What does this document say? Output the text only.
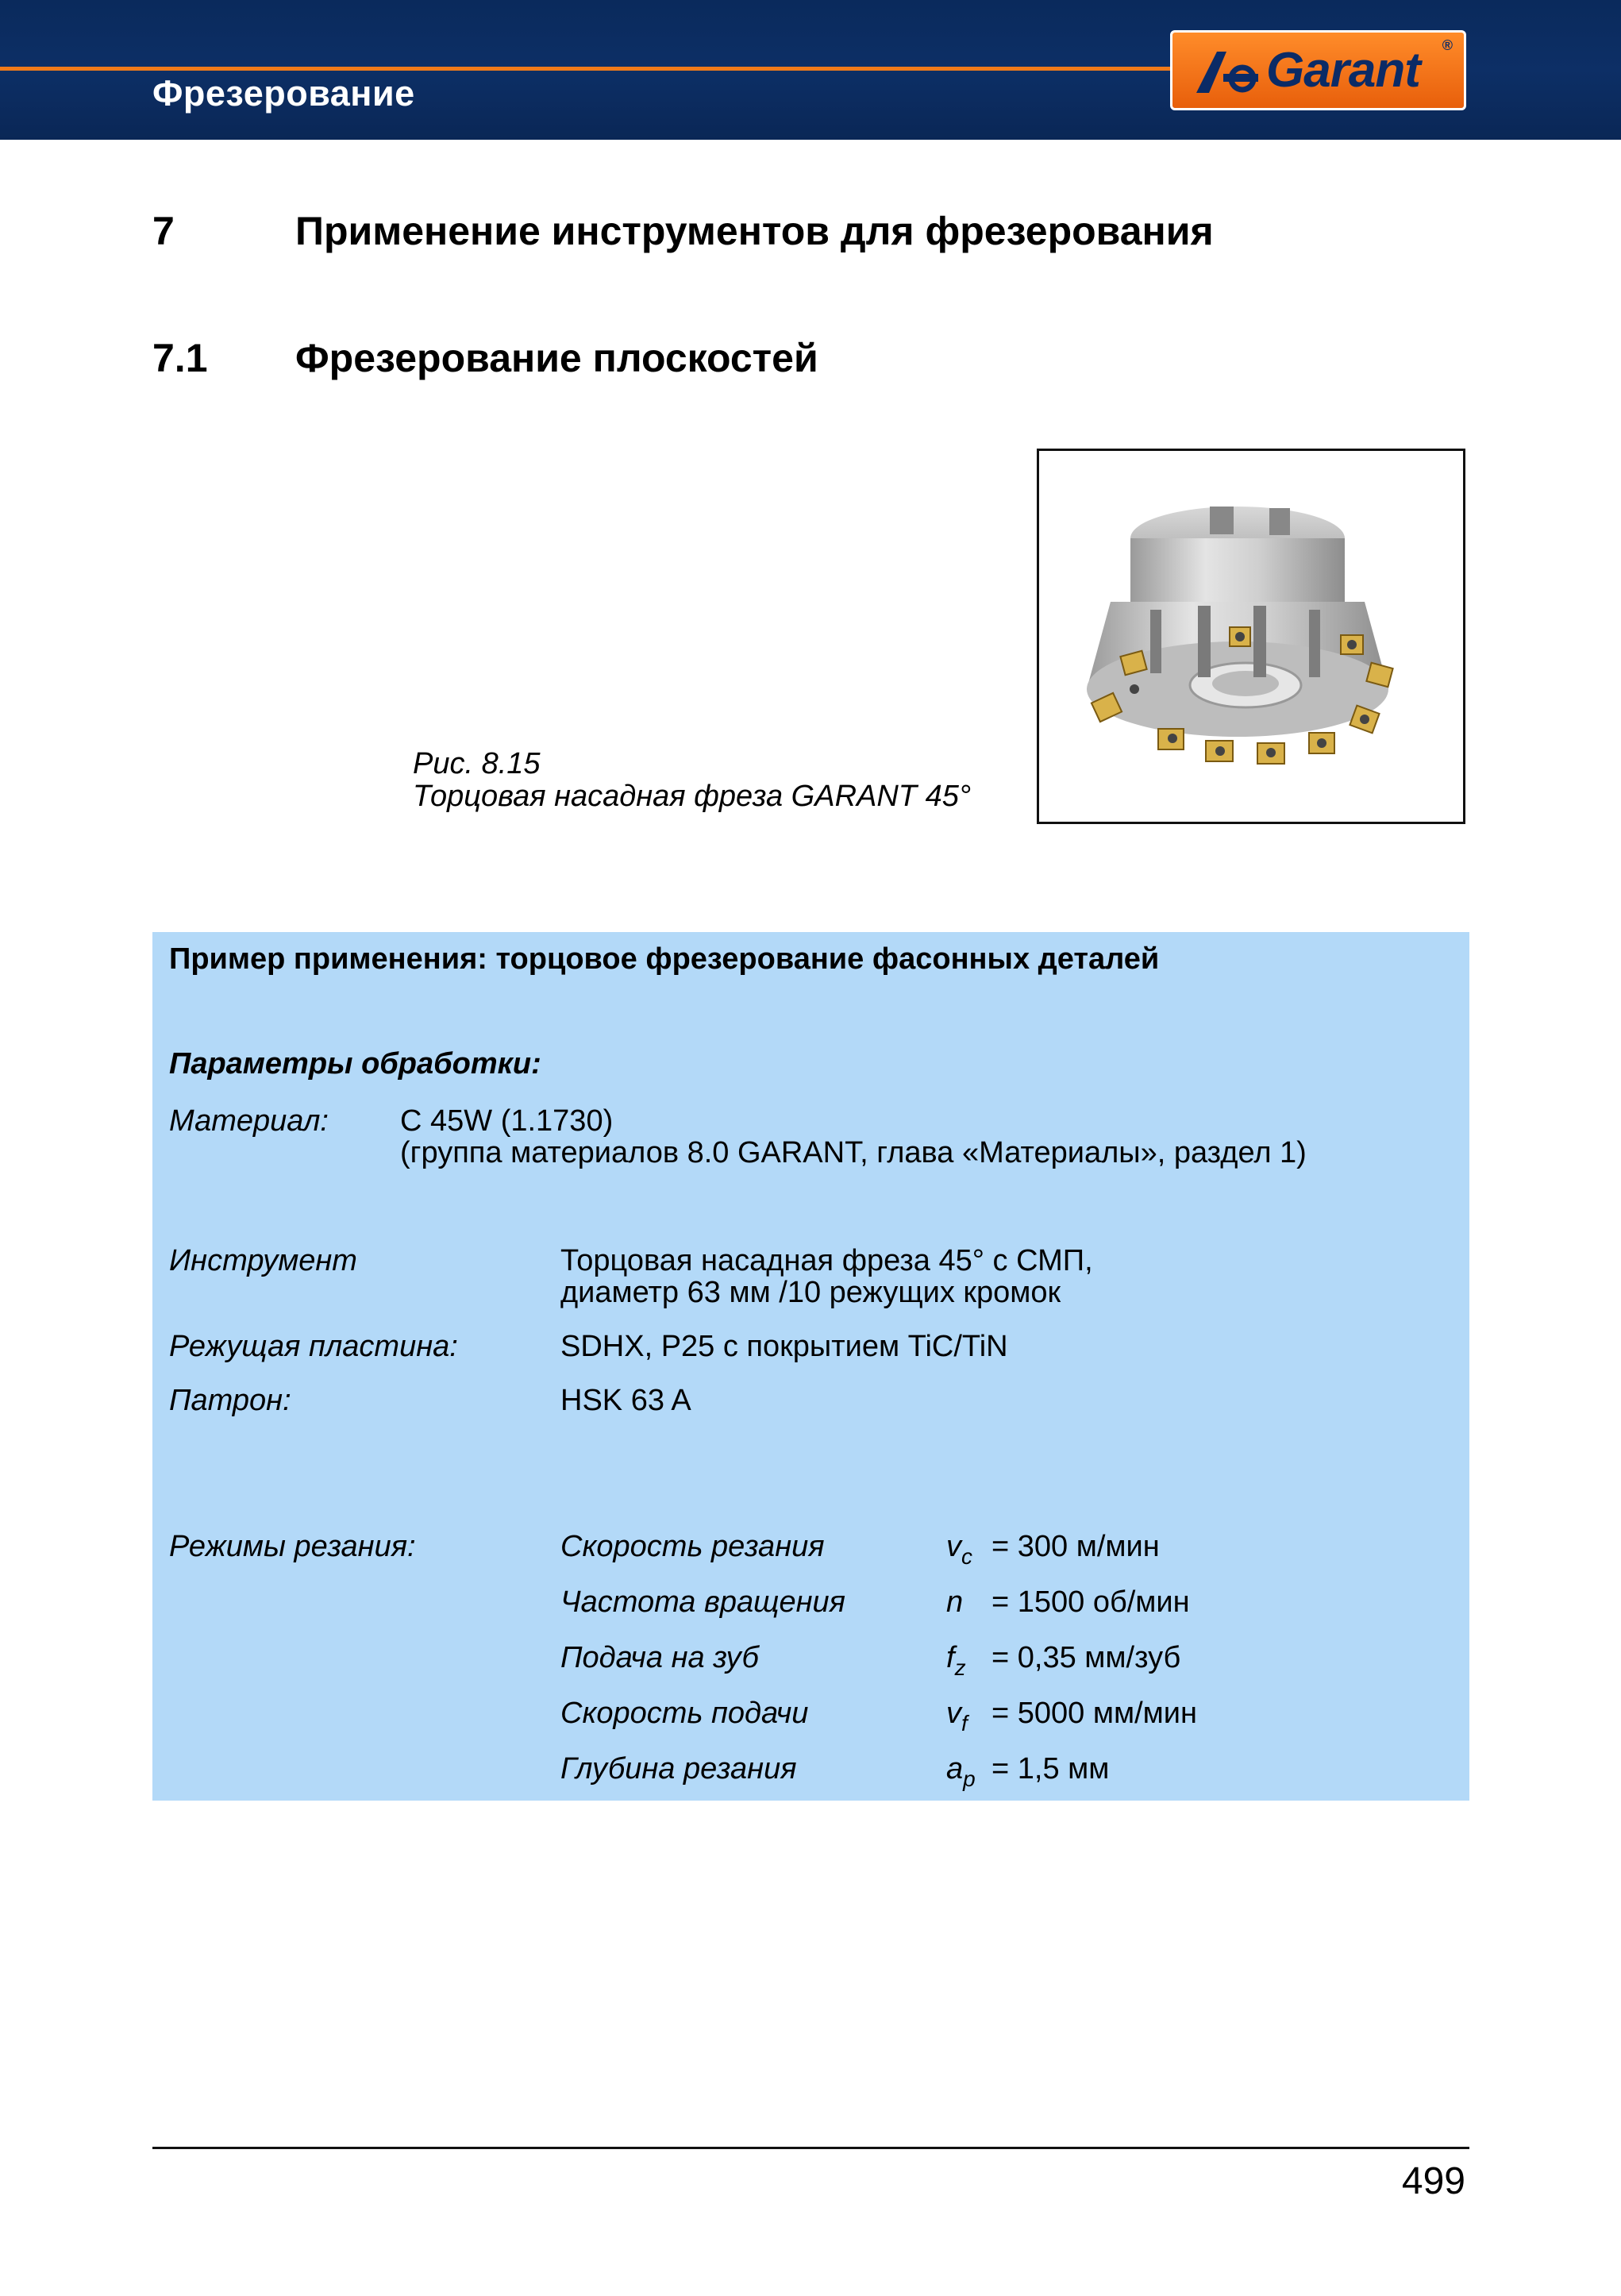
Фрезерование	Garant ®
7	Применение инструментов для фрезерования
7.1 Фрезерование плоскостей
Рис. 8.15
Торцовая насадная фреза GARANT 45°
Пример применения: торцовое фрезерование фасонных деталей
Параметры обработки:
Материал: C 45W (1.1730)
(группа материалов 8.0 GARANT, глава «Материалы», раздел 1)
Инструмент	Торцовая насадная фреза 45° с СМП,
диаметр 63 мм /10 режущих кромок
Режущая пластина:	SDHX, P25 с покрытием TiC/TiN
Патрон:	HSK 63 A
Режимы резания:	Скорость резания	$v_c = 300$ м/мин
Частота вращения	n = 1500 об/мин
Подача на зуб	$f_z = 0,35$ мм/зуб
Скорость подачи	$v_f = 5000$ мм/мин
Глубина резания	$a_p = 1,5$ мм
499
